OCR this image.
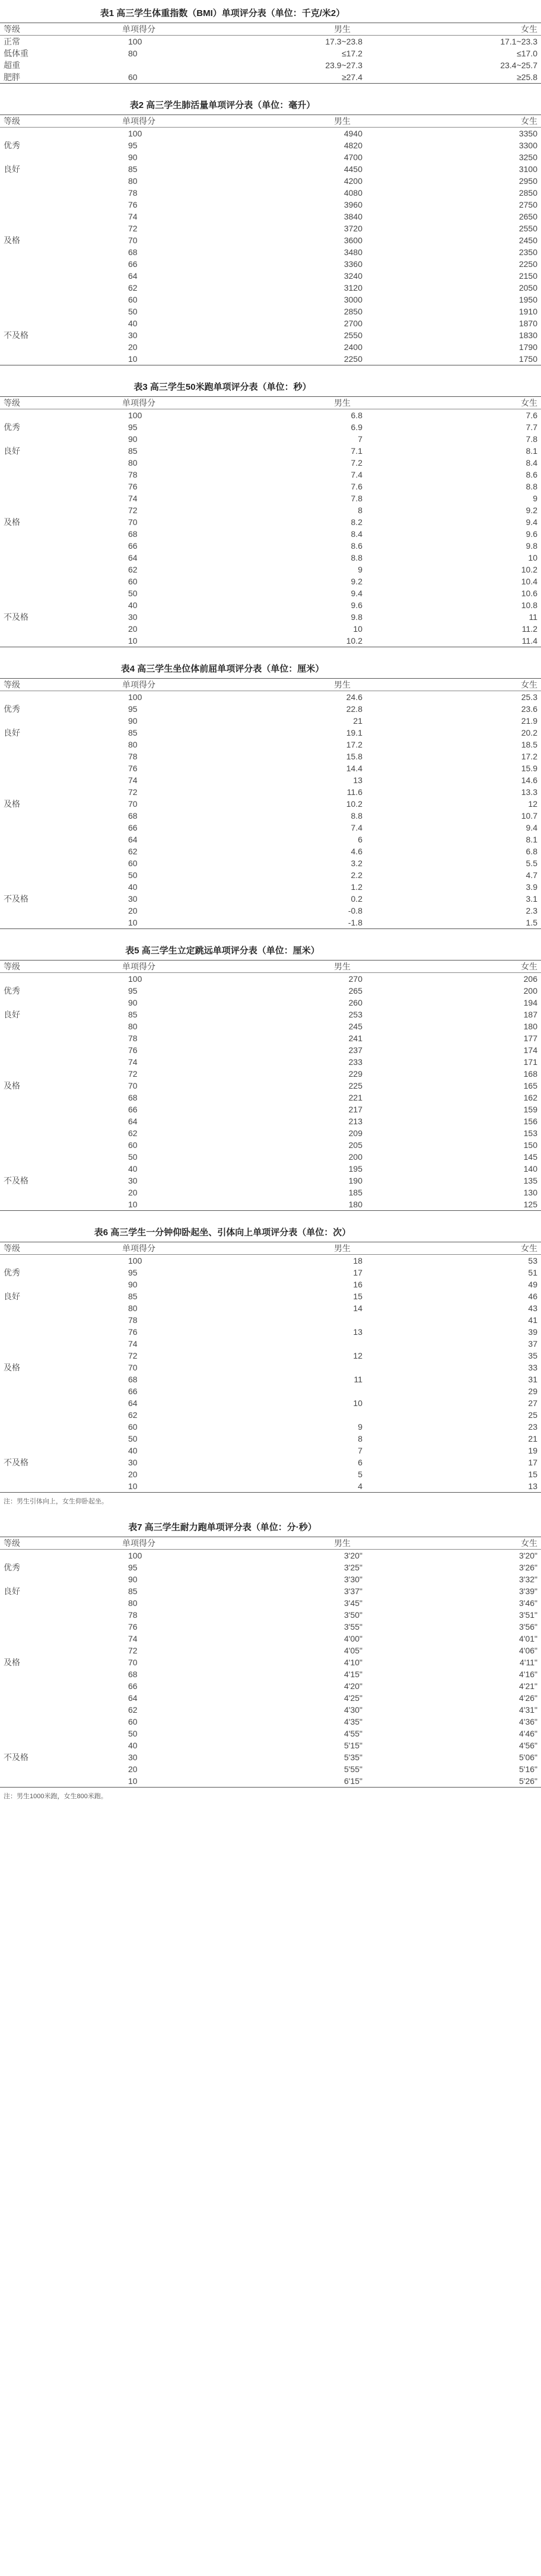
表1 高三学生体重指数（BMI）单项评分表（单位：千克/米2）
等级	单项得分	男生	女生
正常	100	17.3~23.8	17.1~23.3
低体重	80	≤17.2	≤17.0
超重		23.9~27.3	23.4~25.7
肥胖	60	≥27.4	≥25.8
表2 高三学生肺活量单项评分表（单位：毫升）
等级	单项得分	男生	女生
	100	4940	3350
优秀	95	4820	3300
	90	4700	3250
良好	85	4450	3100
	80	4200	2950
	78	4080	2850
	76	3960	2750
	74	3840	2650
	72	3720	2550
及格	70	3600	2450
	68	3480	2350
	66	3360	2250
	64	3240	2150
	62	3120	2050
	60	3000	1950
	50	2850	1910
	40	2700	1870
不及格	30	2550	1830
	20	2400	1790
	10	2250	1750
表3 高三学生50米跑单项评分表（单位：秒）
等级	单项得分	男生	女生
	100	6.8	7.6
优秀	95	6.9	7.7
	90	7	7.8
良好	85	7.1	8.1
	80	7.2	8.4
	78	7.4	8.6
	76	7.6	8.8
	74	7.8	9
	72	8	9.2
及格	70	8.2	9.4
	68	8.4	9.6
	66	8.6	9.8
	64	8.8	10
	62	9	10.2
	60	9.2	10.4
	50	9.4	10.6
	40	9.6	10.8
不及格	30	9.8	11
	20	10	11.2
	10	10.2	11.4
表4 高三学生坐位体前屈单项评分表（单位：厘米）
等级	单项得分	男生	女生
	100	24.6	25.3
优秀	95	22.8	23.6
	90	21	21.9
良好	85	19.1	20.2
	80	17.2	18.5
	78	15.8	17.2
	76	14.4	15.9
	74	13	14.6
	72	11.6	13.3
及格	70	10.2	12
	68	8.8	10.7
	66	7.4	9.4
	64	6	8.1
	62	4.6	6.8
	60	3.2	5.5
	50	2.2	4.7
	40	1.2	3.9
不及格	30	0.2	3.1
	20	-0.8	2.3
	10	-1.8	1.5
表5 高三学生立定跳远单项评分表（单位：厘米）
等级	单项得分	男生	女生
	100	270	206
优秀	95	265	200
	90	260	194
良好	85	253	187
	80	245	180
	78	241	177
	76	237	174
	74	233	171
	72	229	168
及格	70	225	165
	68	221	162
	66	217	159
	64	213	156
	62	209	153
	60	205	150
	50	200	145
	40	195	140
不及格	30	190	135
	20	185	130
	10	180	125
表6 高三学生一分钟仰卧起坐、引体向上单项评分表（单位：次）
等级	单项得分	男生	女生
	100	18	53
优秀	95	17	51
	90	16	49
良好	85	15	46
	80	14	43
	78		41
	76	13	39
	74		37
	72	12	35
及格	70		33
	68	11	31
	66		29
	64	10	27
	62		25
	60	9	23
	50	8	21
	40	7	19
不及格	30	6	17
	20	5	15
	10	4	13
注：男生引体向上，女生仰卧起坐。
表7 高三学生耐力跑单项评分表（单位：分·秒）
等级	单项得分	男生	女生
	100	3'20"	3'20"
优秀	95	3'25"	3'26"
	90	3'30"	3'32"
良好	85	3'37"	3'39"
	80	3'45"	3'46"
	78	3'50"	3'51"
	76	3'55"	3'56"
	74	4'00"	4'01"
	72	4'05"	4'06"
及格	70	4'10"	4'11"
	68	4'15"	4'16"
	66	4'20"	4'21"
	64	4'25"	4'26"
	62	4'30"	4'31"
	60	4'35"	4'36"
	50	4'55"	4'46"
	40	5'15"	4'56"
不及格	30	5'35"	5'06"
	20	5'55"	5'16"
	10	6'15"	5'26"
注：男生1000米跑，女生800米跑。
